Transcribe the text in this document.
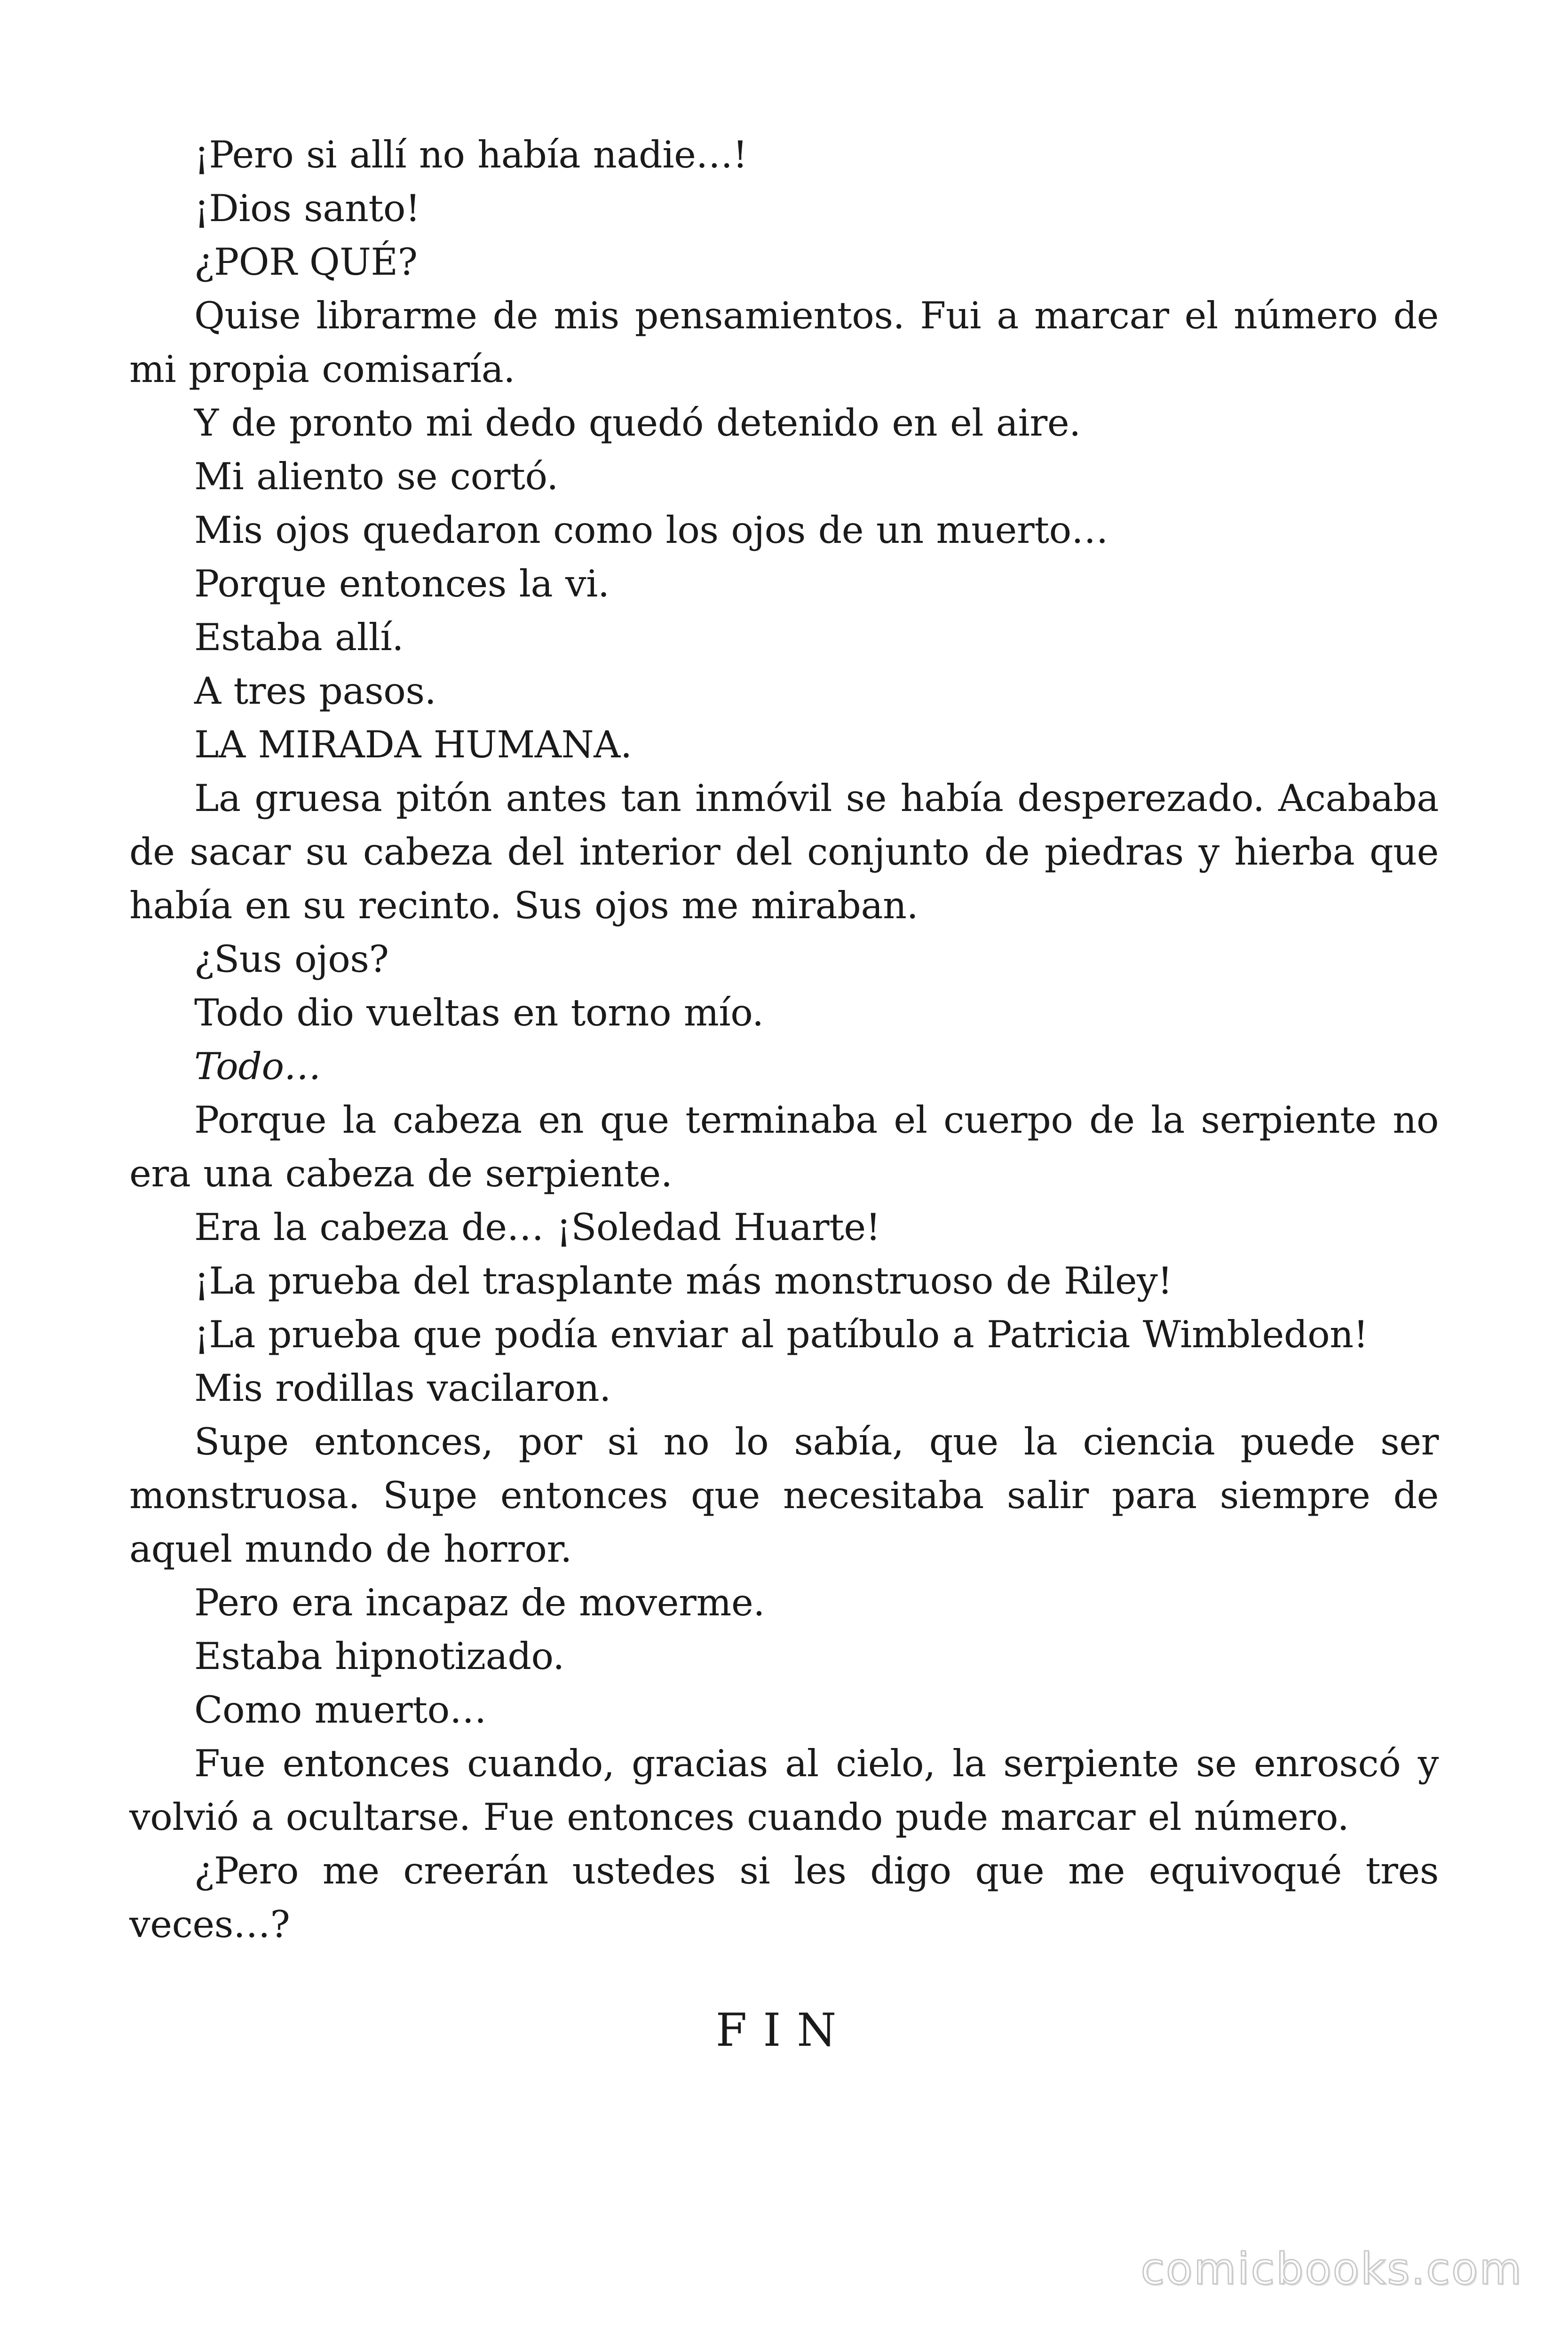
¡Pero si allí no había nadie…!

¡Dios santo!

¿POR QUÉ?

Quise librarme de mis pensamientos. Fui a marcar el número de mi propia comisaría.

Y de pronto mi dedo quedó detenido en el aire.

Mi aliento se cortó.

Mis ojos quedaron como los ojos de un muerto…

Porque entonces la vi.

Estaba allí.

A tres pasos.

LA MIRADA HUMANA.

La gruesa pitón antes tan inmóvil se había desperezado. Acababa de sacar su cabeza del interior del conjunto de piedras y hierba que había en su recinto. Sus ojos me miraban.

¿Sus ojos?

Todo dio vueltas en torno mío.

Todo…

Porque la cabeza en que terminaba el cuerpo de la serpiente no era una cabeza de serpiente.

Era la cabeza de… ¡Soledad Huarte!

¡La prueba del trasplante más monstruoso de Riley!

¡La prueba que podía enviar al patíbulo a Patricia Wimbledon!

Mis rodillas vacilaron.

Supe entonces, por si no lo sabía, que la ciencia puede ser monstruosa. Supe entonces que necesitaba salir para siempre de aquel mundo de horror.

Pero era incapaz de moverme.

Estaba hipnotizado.

Como muerto…

Fue entonces cuando, gracias al cielo, la serpiente se enroscó y volvió a ocultarse. Fue entonces cuando pude marcar el número.

¿Pero me creerán ustedes si les digo que me equivoqué tres veces…?

FIN
comicbooks.com
